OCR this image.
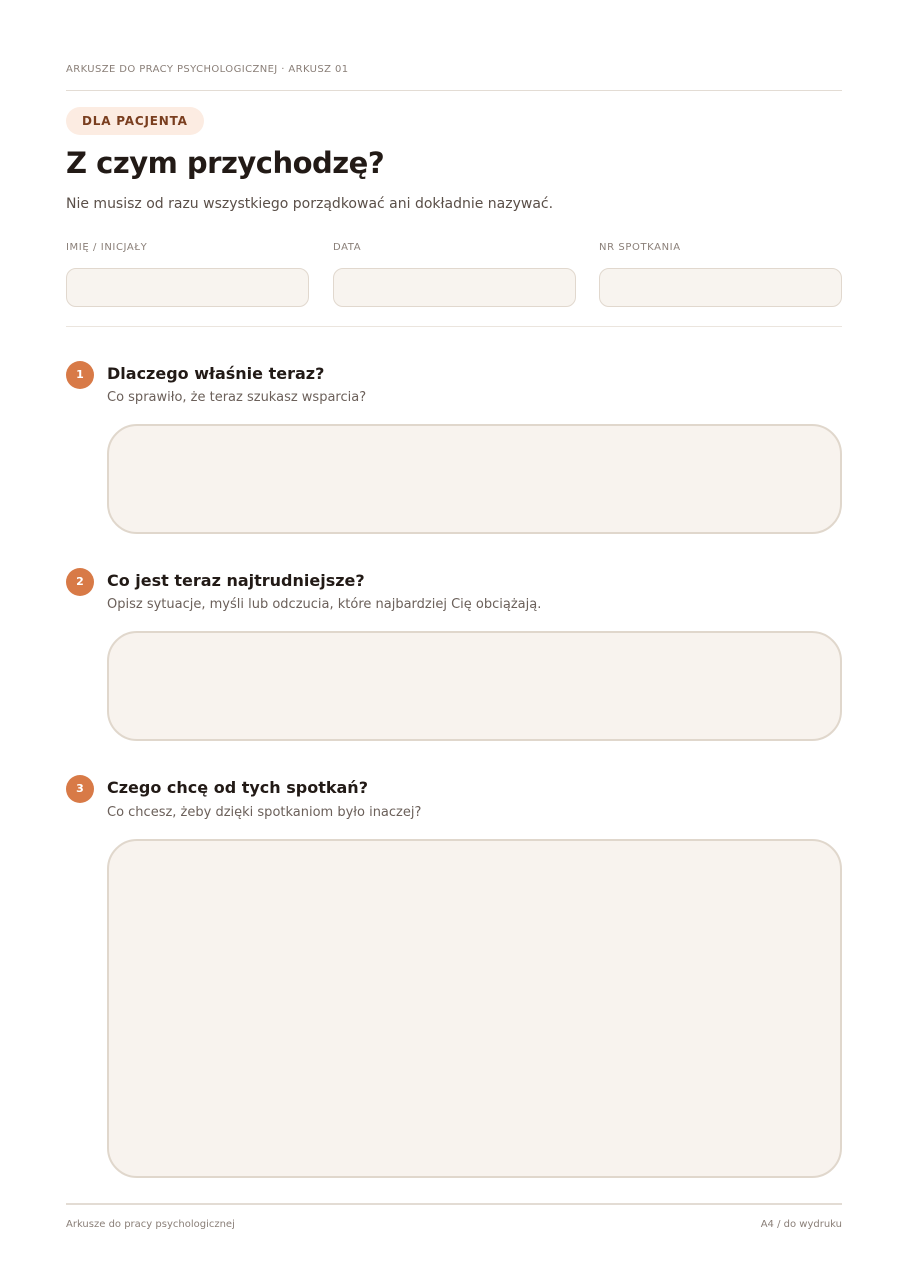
ARKUSZE DO PRACY PSYCHOLOGICZNEJ · ARKUSZ 01
DLA PACJENTA
Z czym przychodzę?

Nie musisz od razu wszystkiego porządkować ani dokładnie nazywać.

IMIĘ / INICJAŁY	DATA	NR SPOTKANIA
1	Dlaczego właśnie teraz?
Co sprawiło, że teraz szukasz wsparcia?
2	Co jest teraz najtrudniejsze?
Opisz sytuacje, myśli lub odczucia, które najbardziej Cię obciążają.
3	Czego chcę od tych spotkań?
Co chcesz, żeby dzięki spotkaniom było inaczej?
Arkusze do pracy psychologicznej	A4 / do wydruku
